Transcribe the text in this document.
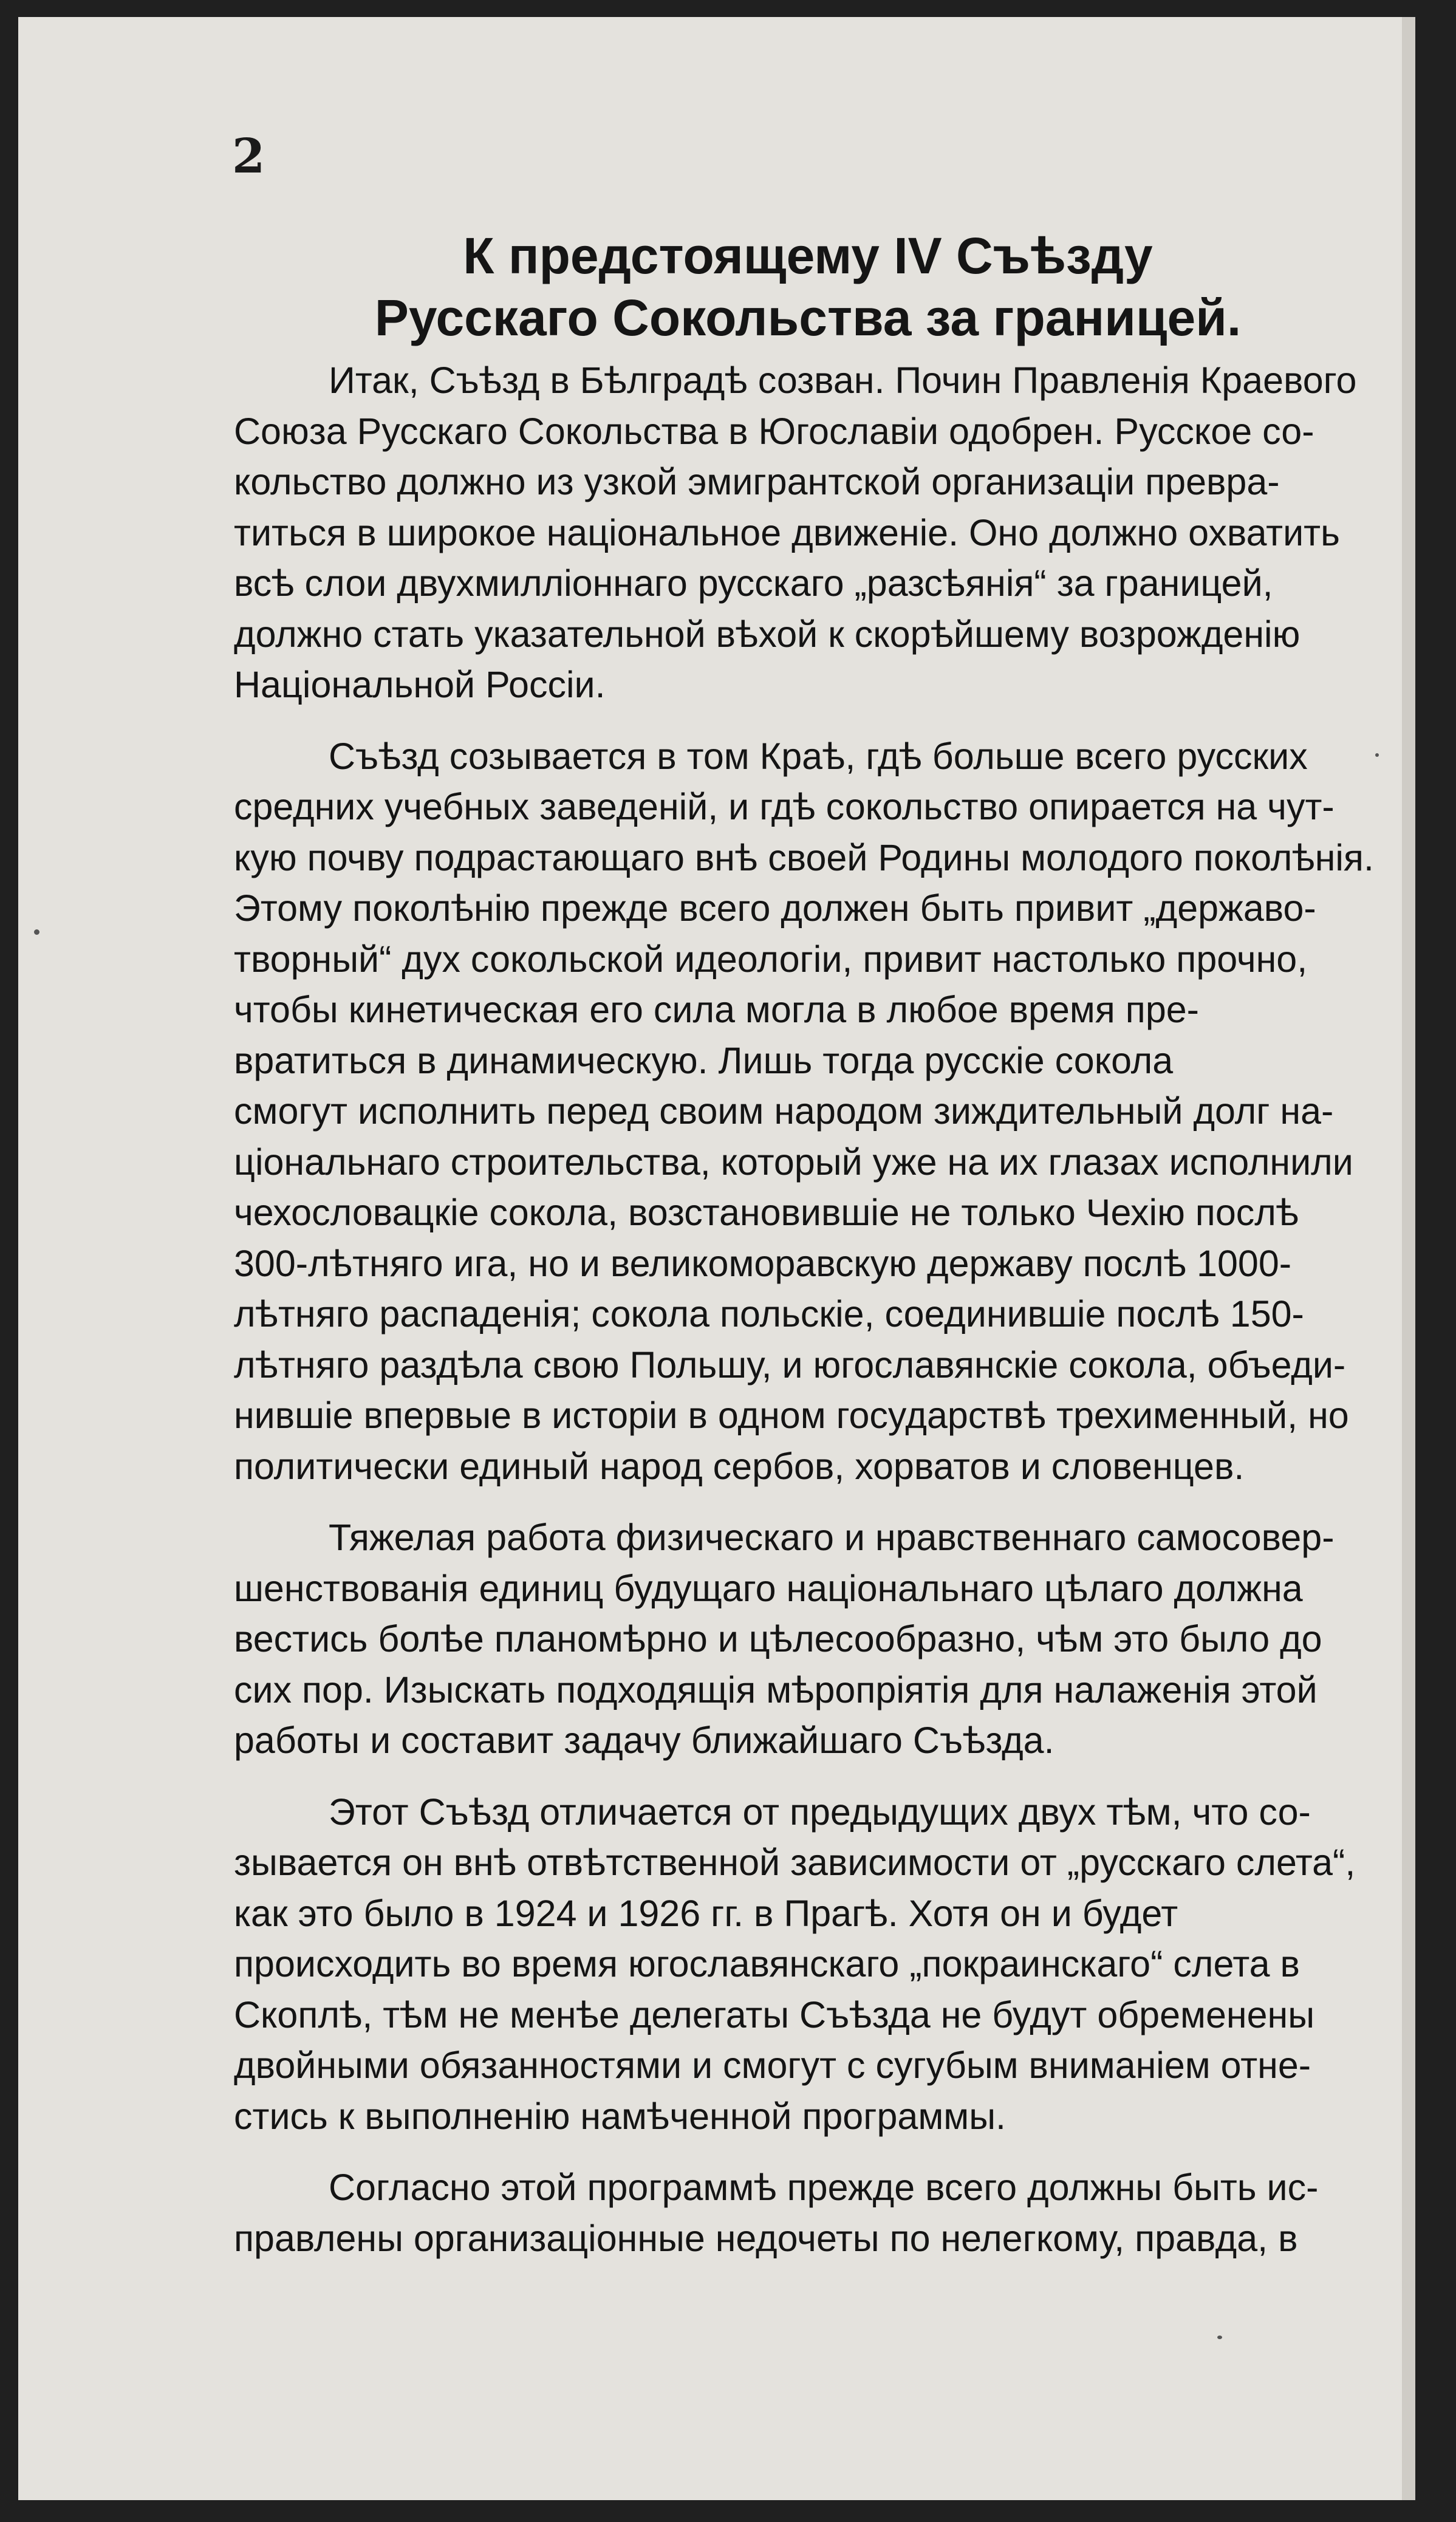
2

К предстоящему IV Съѣзду
Русскаго Сокольства за границей.

Итак, Съѣзд в Бѣлградѣ созван. Почин Правленія Краевого
Союза Русскаго Сокольства в Югославіи одобрен. Русское со-
кольство должно из узкой эмигрантской организаціи превра-
титься в широкое національное движеніе. Оно должно охватить
всѣ слои двухмилліоннаго русскаго „разсѣянія“ за границей,
должно стать указательной вѣхой к скорѣйшему возрожденію
Національной Россіи.

Съѣзд созывается в том Краѣ, гдѣ больше всего русских
средних учебных заведеній, и гдѣ сокольство опирается на чут-
кую почву подрастающаго внѣ своей Родины молодого поколѣнія.
Этому поколѣнію прежде всего должен быть привит „державо-
творный“ дух сокольской идеологіи, привит настолько прочно,
чтобы кинетическая его сила могла в любое время пре-
вратиться в динамическую. Лишь тогда русскіе сокола
смогут исполнить перед своим народом зиждительный долг на-
ціональнаго строительства, который уже на их глазах исполнили
чехословацкіе сокола, возстановившіе не только Чехію послѣ
300-лѣтняго ига, но и великоморавскую державу послѣ 1000-
лѣтняго распаденія; сокола польскіе, соединившіе послѣ 150-
лѣтняго раздѣла свою Польшу, и югославянскіе сокола, объеди-
нившіе впервые в исторіи в одном государствѣ трехименный, но
политически единый народ сербов, хорватов и словенцев.

Тяжелая работа физическаго и нравственнаго самосовер-
шенствованія единиц будущаго національнаго цѣлаго должна
вестись болѣе планомѣрно и цѣлесообразно, чѣм это было до
сих пор. Изыскать подходящія мѣропріятія для налаженія этой
работы и составит задачу ближайшаго Съѣзда.

Этот Съѣзд отличается от предыдущих двух тѣм, что со-
зывается он внѣ отвѣтственной зависимости от „русскаго слета“,
как это было в 1924 и 1926 гг. в Прагѣ. Хотя он и будет
происходить во время югославянскаго „покраинскаго“ слета в
Скоплѣ, тѣм не менѣе делегаты Съѣзда не будут обременены
двойными обязанностями и смогут с сугубым вниманіем отне-
стись к выполненію намѣченной программы.

Согласно этой программѣ прежде всего должны быть ис-
правлены организаціонные недочеты по нелегкому, правда, в
